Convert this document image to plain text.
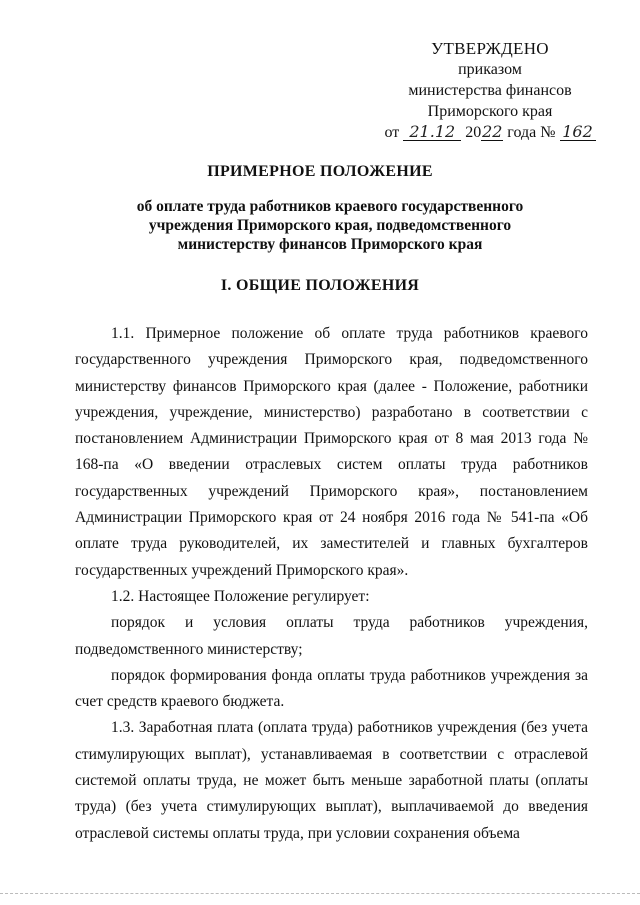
УТВЕРЖДЕНО
приказом
министерства финансов
Приморского края
от 21.12 2022 года № 162
ПРИМЕРНОЕ ПОЛОЖЕНИЕ
об оплате труда работников краевого государственного
учреждения Приморского края, подведомственного
министерству финансов Приморского края
I. ОБЩИЕ ПОЛОЖЕНИЯ

1.1. Примерное положение об оплате труда работников краевого государственного учреждения Приморского края, подведомственного министерству финансов Приморского края (далее - Положение, работники учреждения, учреждение, министерство) разработано в соответствии с постановлением Администрации Приморского края от 8 мая 2013 года № 168-па «О введении отраслевых систем оплаты труда работников государственных учреждений Приморского края», постановлением Администрации Приморского края от 24 ноября 2016 года № 541-па «Об оплате труда руководителей, их заместителей и главных бухгалтеров государственных учреждений Приморского края».

1.2. Настоящее Положение регулирует:

порядок и условия оплаты труда работников учреждения, подведомственного министерству;

порядок формирования фонда оплаты труда работников учреждения за счет средств краевого бюджета.

1.3. Заработная плата (оплата труда) работников учреждения (без учета стимулирующих выплат), устанавливаемая в соответствии с отраслевой системой оплаты труда, не может быть меньше заработной платы (оплаты труда) (без учета стимулирующих выплат), выплачиваемой до введения отраслевой системы оплаты труда, при условии сохранения объема
